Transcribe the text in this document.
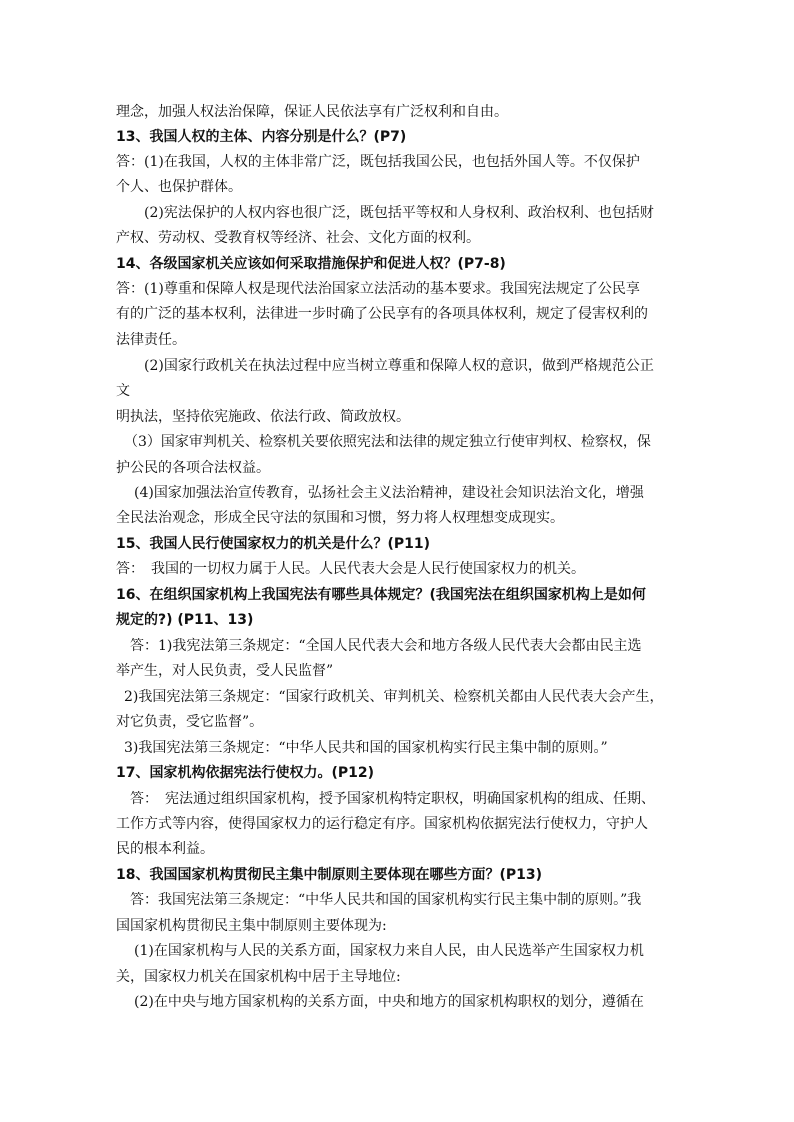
理念，加强人权法治保障，保证人民依法享有广泛权利和自由。
13、我国人权的主体、内容分别是什么？(P7)
答：(1)在我国，人权的主体非常广泛，既包括我国公民，也包括外国人等。不仅保护
个人、也保护群体。
(2)宪法保护的人权内容也很广泛，既包括平等权和人身权利、政治权利、也包括财
产权、劳动权、受教育权等经济、社会、文化方面的权利。
14、各级国家机关应该如何采取措施保护和促进人权？(P7-8)
答：(1)尊重和保障人权是现代法治国家立法活动的基本要求。我国宪法规定了公民享
有的广泛的基本权利，法律进一步时确了公民享有的各项具体权利，规定了侵害权利的
法律责任。
(2)国家行政机关在执法过程中应当树立尊重和保障人权的意识，做到严格规范公正
文
明执法，坚持依宪施政、依法行政、简政放权。
（3）国家审判机关、检察机关要依照宪法和法律的规定独立行使审判权、检察权，保
护公民的各项合法权益。
(4)国家加强法治宣传教育，弘扬社会主义法治精神，建设社会知识法治文化，增强
全民法治观念，形成全民守法的氛围和习惯，努力将人权理想变成现实。
15、我国人民行使国家权力的机关是什么？(P11)
答：　我国的一切权力属于人民。人民代表大会是人民行使国家权力的机关。
16、在组织国家机构上我国宪法有哪些具体规定？(我国宪法在组织国家机构上是如何
规定的?) (P11、13)
答：1)我宪法第三条规定：“全国人民代表大会和地方各级人民代表大会都由民主选
举产生，对人民负责，受人民监督”
2)我国宪法第三条规定：“国家行政机关、审判机关、检察机关都由人民代表大会产生，
对它负责，受它监督”。
3)我国宪法第三条规定：“中华人民共和国的国家机构实行民主集中制的原则。”
17、国家机构依据宪法行使权力。(P12)
答：　宪法通过组织国家机构，授予国家机构特定职权，明确国家机构的组成、任期、
工作方式等内容，使得国家权力的运行稳定有序。国家机构依据宪法行使权力，守护人
民的根本利益。
18、我国国家机构贯彻民主集中制原则主要体现在哪些方面？(P13)
答：我国宪法第三条规定：“中华人民共和国的国家机构实行民主集中制的原则。”我
国国家机构贯彻民主集中制原则主要体现为:
(1)在国家机构与人民的关系方面，国家权力来自人民，由人民选举产生国家权力机
关，国家权力机关在国家机构中居于主导地位:
(2)在中央与地方国家机构的关系方面，中央和地方的国家机构职权的划分，遵循在
